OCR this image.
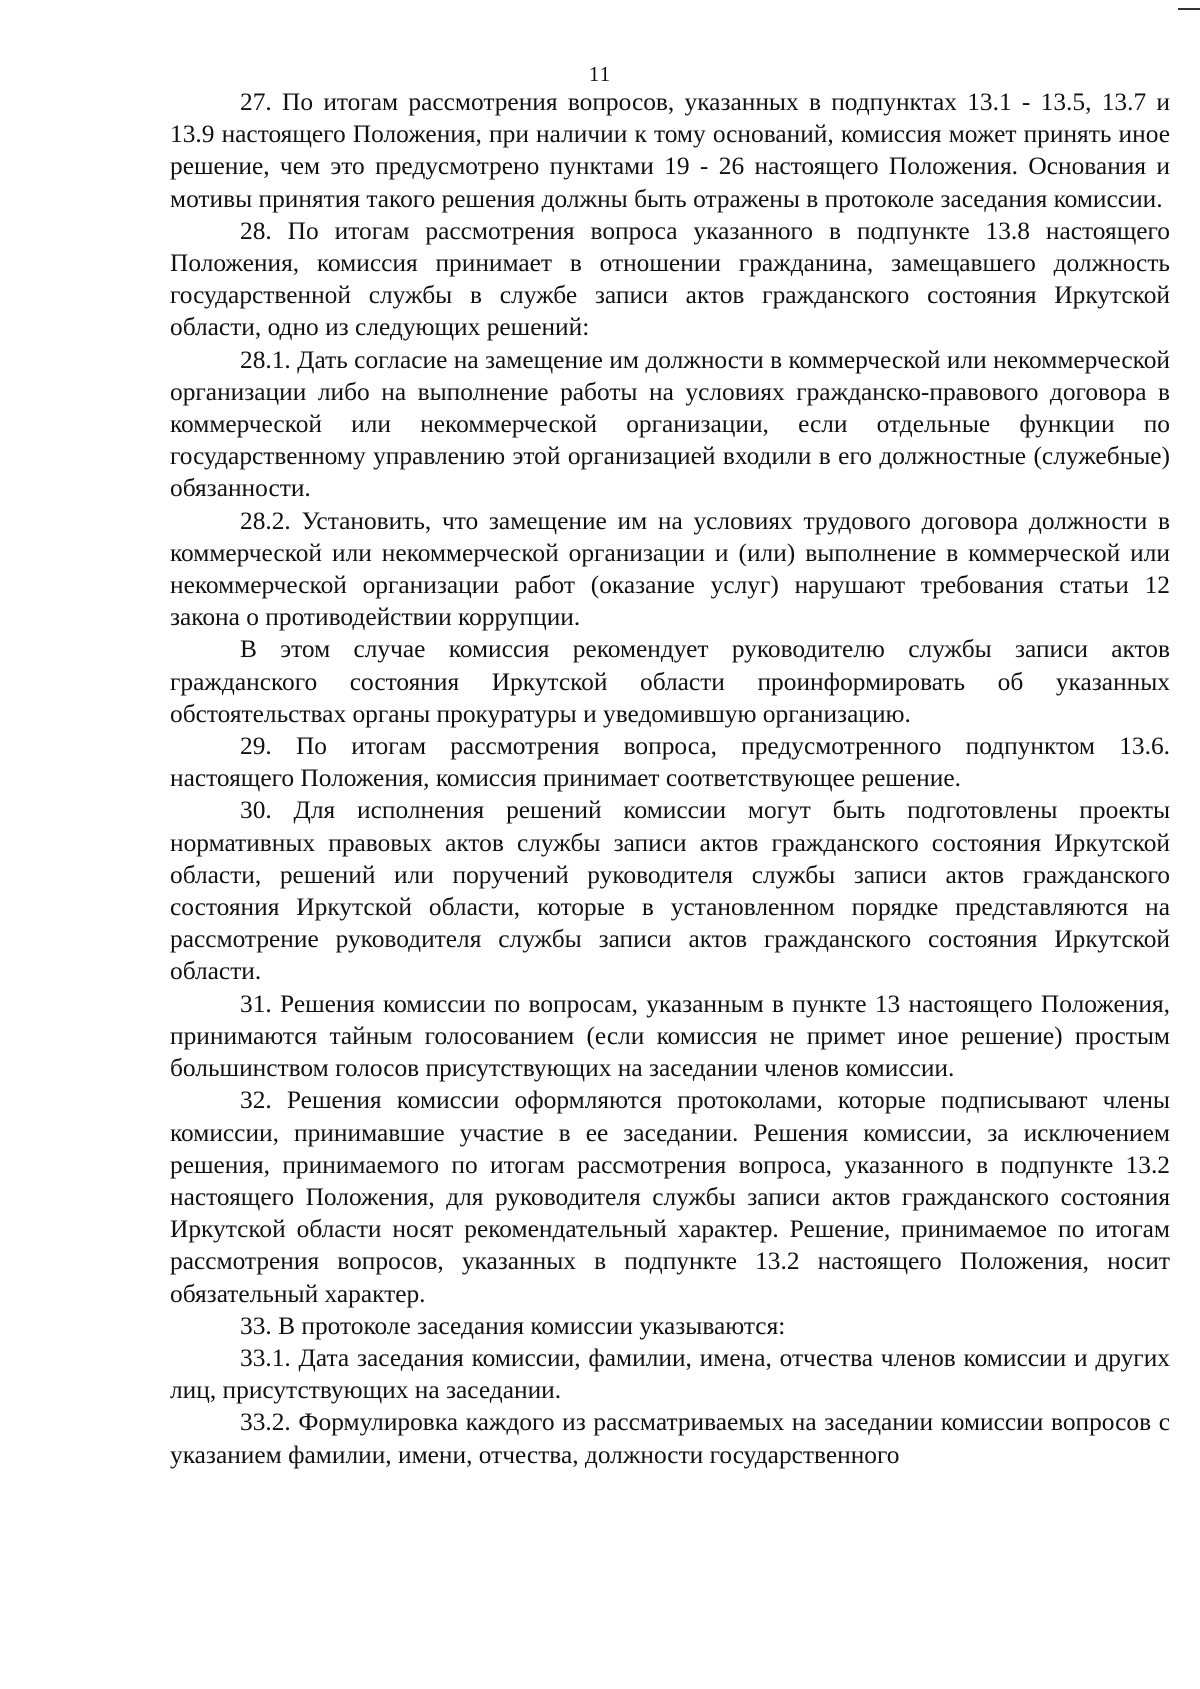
11

27. По итогам рассмотрения вопросов, указанных в подпунктах 13.1 - 13.5, 13.7 и 13.9 настоящего Положения, при наличии к тому оснований, комиссия может принять иное решение, чем это предусмотрено пунктами 19 - 26 настоящего Положения. Основания и мотивы принятия такого решения должны быть отражены в протоколе заседания комиссии.

28. По итогам рассмотрения вопроса указанного в подпункте 13.8 настоящего Положения, комиссия принимает в отношении гражданина, замещавшего должность государственной службы в службе записи актов гражданского состояния Иркутской области, одно из следующих решений:

28.1. Дать согласие на замещение им должности в коммерческой или некоммерческой организации либо на выполнение работы на условиях гражданско-правового договора в коммерческой или некоммерческой организации, если отдельные функции по государственному управлению этой организацией входили в его должностные (служебные) обязанности.

28.2. Установить, что замещение им на условиях трудового договора должности в коммерческой или некоммерческой организации и (или) выполнение в коммерческой или некоммерческой организации работ (оказание услуг) нарушают требования статьи 12 закона о противодействии коррупции.

В этом случае комиссия рекомендует руководителю службы записи актов гражданского состояния Иркутской области проинформировать об указанных обстоятельствах органы прокуратуры и уведомившую организацию.

29. По итогам рассмотрения вопроса, предусмотренного подпунктом 13.6. настоящего Положения, комиссия принимает соответствующее решение.

30. Для исполнения решений комиссии могут быть подготовлены проекты нормативных правовых актов службы записи актов гражданского состояния Иркутской области, решений или поручений руководителя службы записи актов гражданского состояния Иркутской области, которые в установленном порядке представляются на рассмотрение руководителя службы записи актов гражданского состояния Иркутской области.

31. Решения комиссии по вопросам, указанным в пункте 13 настоящего Положения, принимаются тайным голосованием (если комиссия не примет иное решение) простым большинством голосов присутствующих на заседании членов комиссии.

32. Решения комиссии оформляются протоколами, которые подписывают члены комиссии, принимавшие участие в ее заседании. Решения комиссии, за исключением решения, принимаемого по итогам рассмотрения вопроса, указанного в подпункте 13.2 настоящего Положения, для руководителя службы записи актов гражданского состояния Иркутской области носят рекомендательный характер. Решение, принимаемое по итогам рассмотрения вопросов, указанных в подпункте 13.2 настоящего Положения, носит обязательный характер.

33. В протоколе заседания комиссии указываются:

33.1. Дата заседания комиссии, фамилии, имена, отчества членов комиссии и других лиц, присутствующих на заседании.

33.2. Формулировка каждого из рассматриваемых на заседании комиссии вопросов с указанием фамилии, имени, отчества, должности государственного
